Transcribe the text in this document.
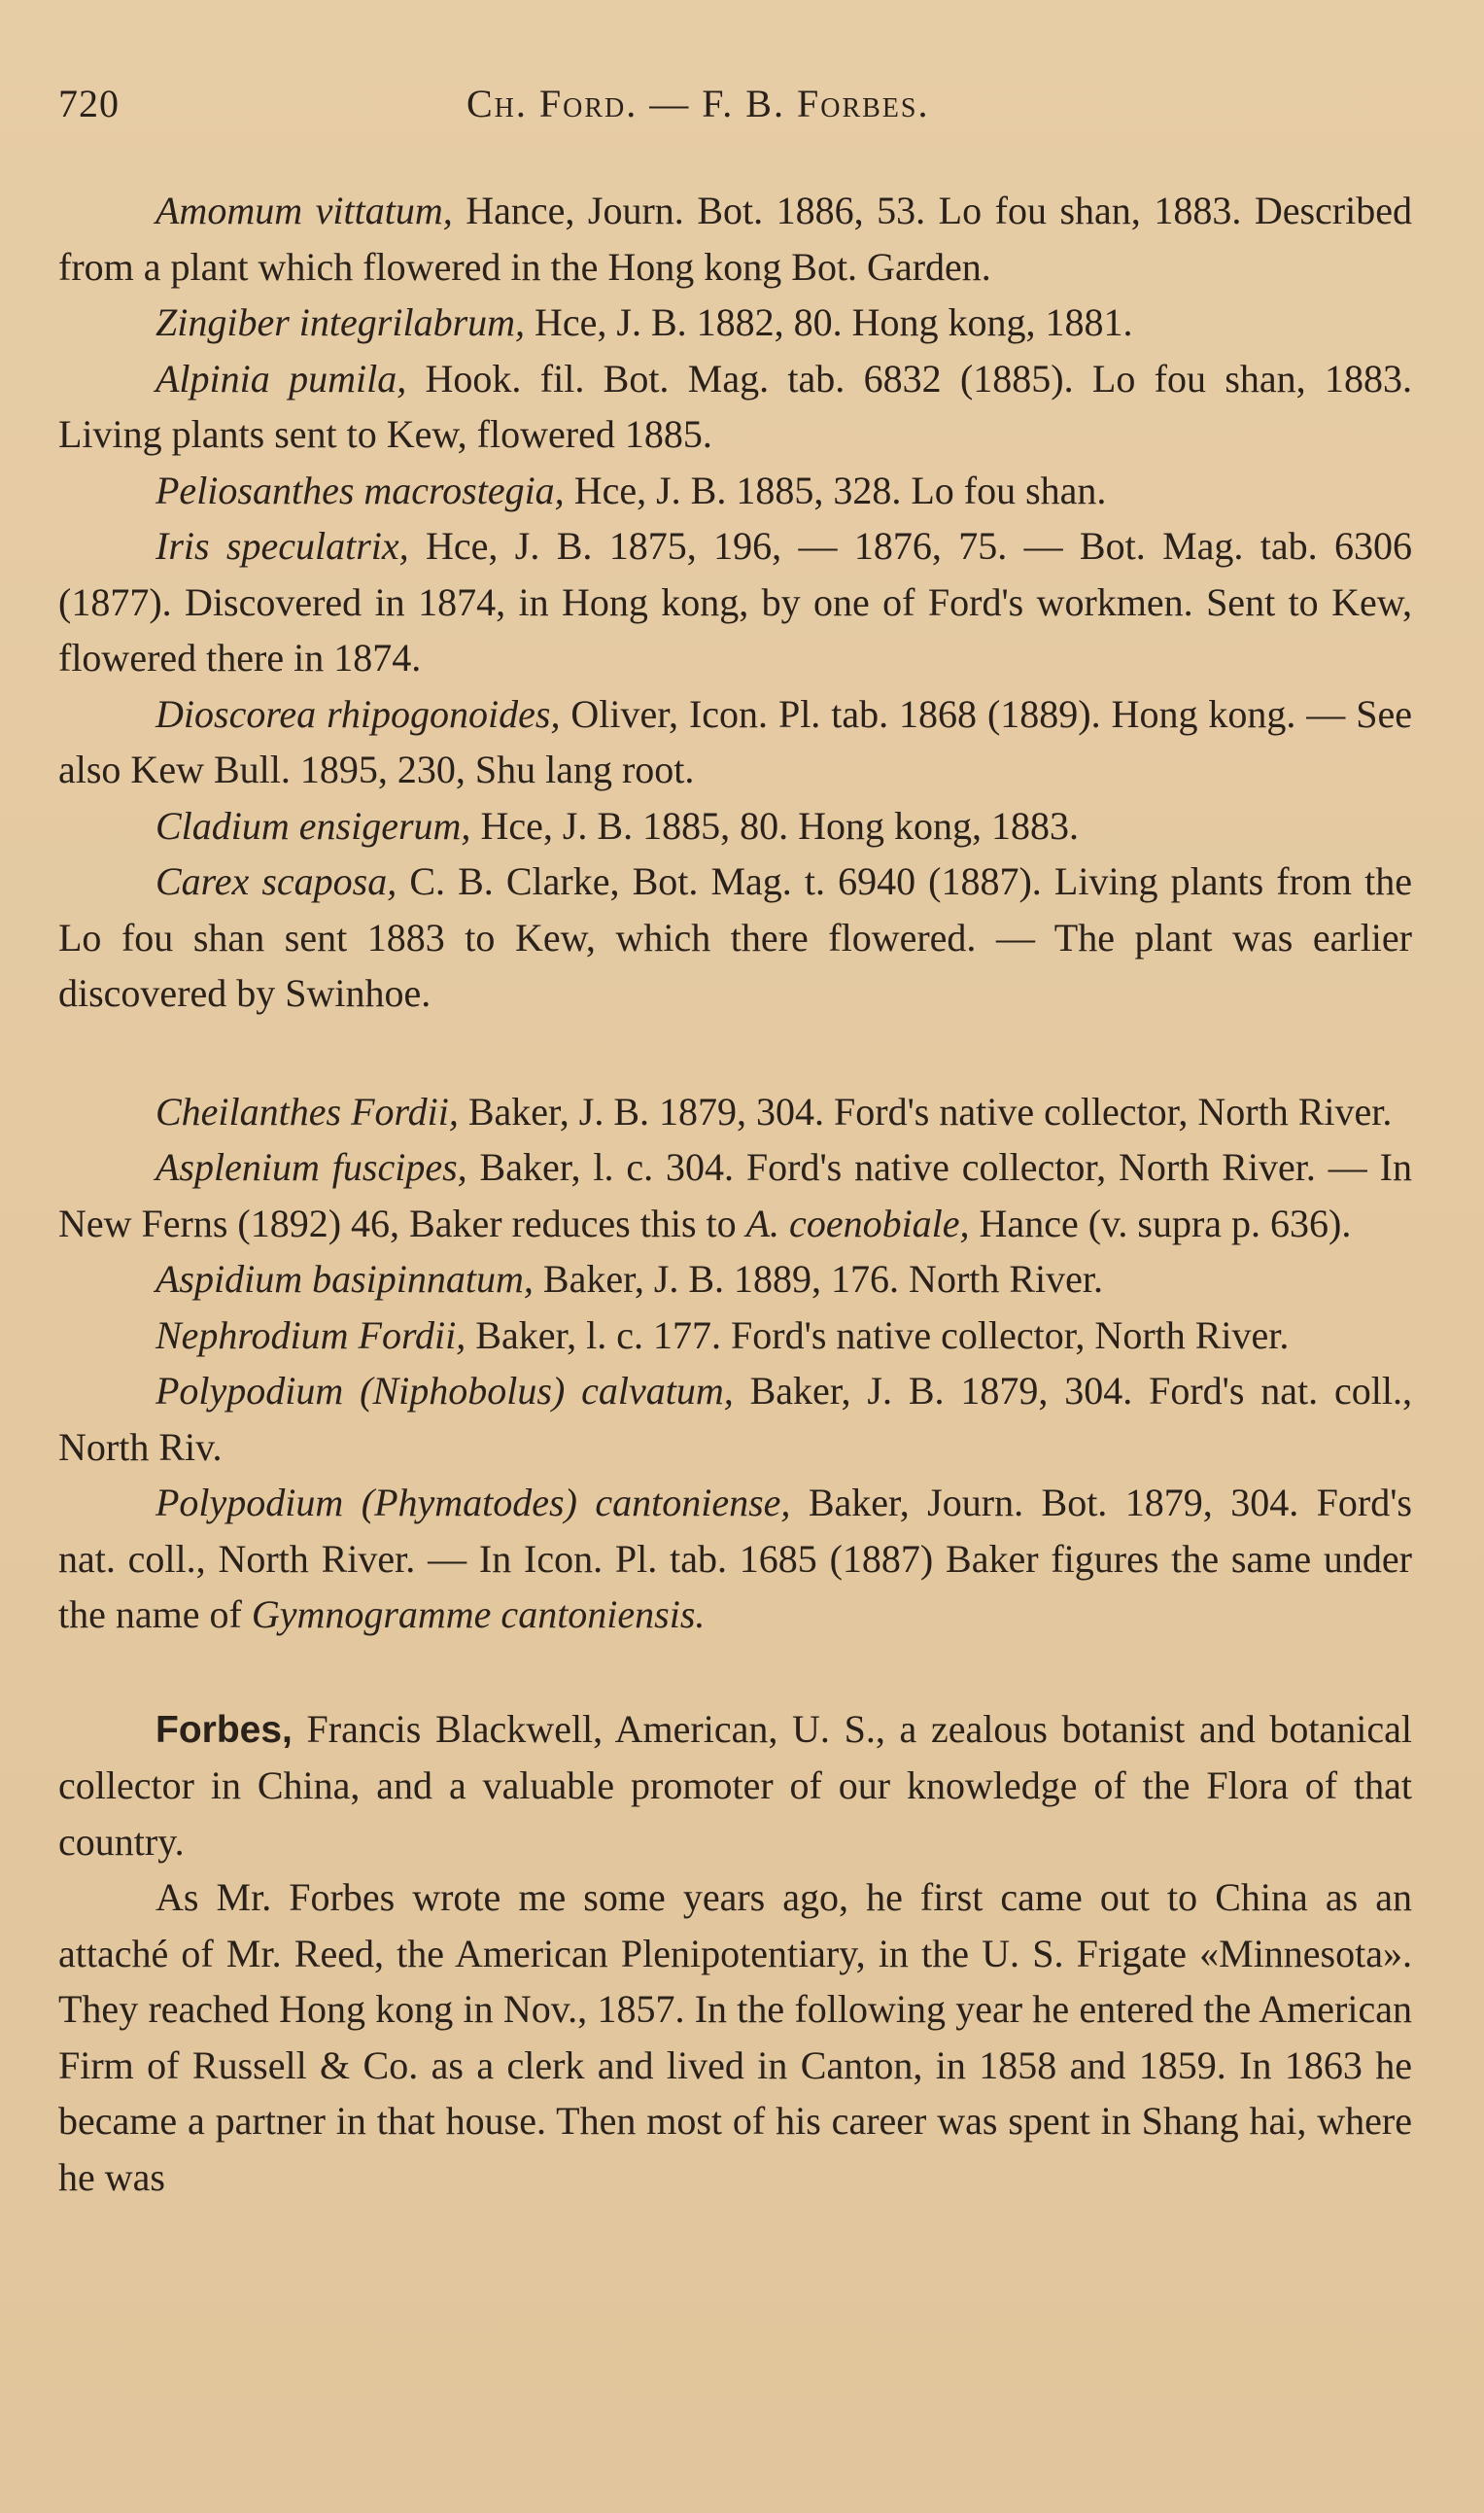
720	Ch. Ford. — F. B. Forbes.

Amomum vittatum, Hance, Journ. Bot. 1886, 53. Lo fou shan, 1883. Described from a plant which flowered in the Hong kong Bot. Garden.

Zingiber integrilabrum, Hce, J. B. 1882, 80. Hong kong, 1881.

Alpinia pumila, Hook. fil. Bot. Mag. tab. 6832 (1885). Lo fou shan, 1883. Living plants sent to Kew, flowered 1885.

Peliosanthes macrostegia, Hce, J. B. 1885, 328. Lo fou shan.

Iris speculatrix, Hce, J. B. 1875, 196, — 1876, 75. — Bot. Mag. tab. 6306 (1877). Discovered in 1874, in Hong kong, by one of Ford's workmen. Sent to Kew, flowered there in 1874.

Dioscorea rhipogonoides, Oliver, Icon. Pl. tab. 1868 (1889). Hong kong. — See also Kew Bull. 1895, 230, Shu lang root.

Cladium ensigerum, Hce, J. B. 1885, 80. Hong kong, 1883.

Carex scaposa, C. B. Clarke, Bot. Mag. t. 6940 (1887). Living plants from the Lo fou shan sent 1883 to Kew, which there flowered. — The plant was earlier discovered by Swinhoe.

Cheilanthes Fordii, Baker, J. B. 1879, 304. Ford's native collector, North River.

Asplenium fuscipes, Baker, l. c. 304. Ford's native collector, North River. — In New Ferns (1892) 46, Baker reduces this to A. coenobiale, Hance (v. supra p. 636).

Aspidium basipinnatum, Baker, J. B. 1889, 176. North River.

Nephrodium Fordii, Baker, l. c. 177. Ford's native collector, North River.

Polypodium (Niphobolus) calvatum, Baker, J. B. 1879, 304. Ford's nat. coll., North Riv.

Polypodium (Phymatodes) cantoniense, Baker, Journ. Bot. 1879, 304. Ford's nat. coll., North River. — In Icon. Pl. tab. 1685 (1887) Baker figures the same under the name of Gymnogramme cantoniensis.

Forbes, Francis Blackwell, American, U. S., a zealous botanist and botanical collector in China, and a valuable promoter of our knowledge of the Flora of that country.

As Mr. Forbes wrote me some years ago, he first came out to China as an attaché of Mr. Reed, the American Plenipotentiary, in the U. S. Frigate «Minnesota». They reached Hong kong in Nov., 1857. In the following year he entered the American Firm of Russell & Co. as a clerk and lived in Canton, in 1858 and 1859. In 1863 he became a partner in that house. Then most of his career was spent in Shang hai, where he was
